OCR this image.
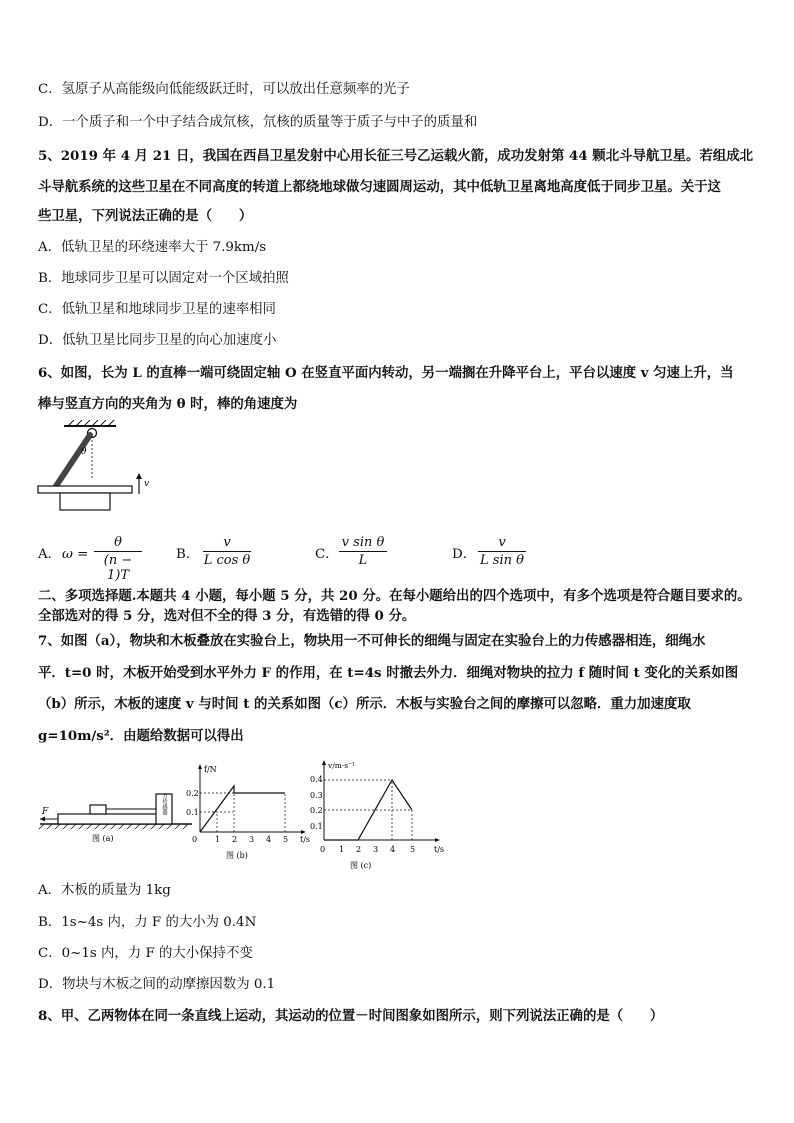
C．氢原子从高能级向低能级跃迁时，可以放出任意频率的光子
D．一个质子和一个中子结合成氘核，氘核的质量等于质子与中子的质量和
5、2019 年 4 月 21 日，我国在西昌卫星发射中心用长征三号乙运载火箭，成功发射第 44 颗北斗导航卫星。若组成北
斗导航系统的这些卫星在不同高度的转道上都绕地球做匀速圆周运动，其中低轨卫星离地高度低于同步卫星。关于这
些卫星，下列说法正确的是（　　）
A．低轨卫星的环绕速率大于 7.9km/s
B．地球同步卫星可以固定对一个区域拍照
C．低轨卫星和地球同步卫星的速率相同
D．低轨卫星比同步卫星的向心加速度小
6、如图，长为 L 的直棒一端可绕固定轴 O 在竖直平面内转动，另一端搁在升降平台上，平台以速度 v 匀速上升，当
棒与竖直方向的夹角为 θ 时，棒的角速度为
θ
v
A． ω =
θ
(n − 1)T
B．
v
L cos θ	C．
v sin θ
L	D．
v
L sin θ
二、多项选择题.本题共 4 小题，每小题 5 分，共 20 分。在每小题给出的四个选项中，有多个选项是符合题目要求的。
全部选对的得 5 分，选对但不全的得 3 分，有选错的得 0 分。
7、如图（a），物块和木板叠放在实验台上，物块用一不可伸长的细绳与固定在实验台上的力传感器相连，细绳水
平．t=0 时，木板开始受到水平外力 F 的作用，在 t=4s 时撤去外力．细绳对物块的拉力 f 随时间 t 变化的关系如图
（b）所示，木板的速度 v 与时间 t 的关系如图（c）所示．木板与实验台之间的摩擦可以忽略．重力加速度取
g=10m/s²．由题给数据可以得出
力传感器
F
图 (a)
f/N
t/s
0
0.2
0.1
1 2 3 4 5
图 (b)
v/m·s⁻¹
t/s
0
0.4
0.3
0.2
0.1
1 2 3 4 5
图 (c)
A．木板的质量为 1kg
B．1s~4s 内，力 F 的大小为 0.4N
C．0~1s 内，力 F 的大小保持不变
D．物块与木板之间的动摩擦因数为 0.1
8、甲、乙两物体在同一条直线上运动，其运动的位置－时间图象如图所示，则下列说法正确的是（　　）
